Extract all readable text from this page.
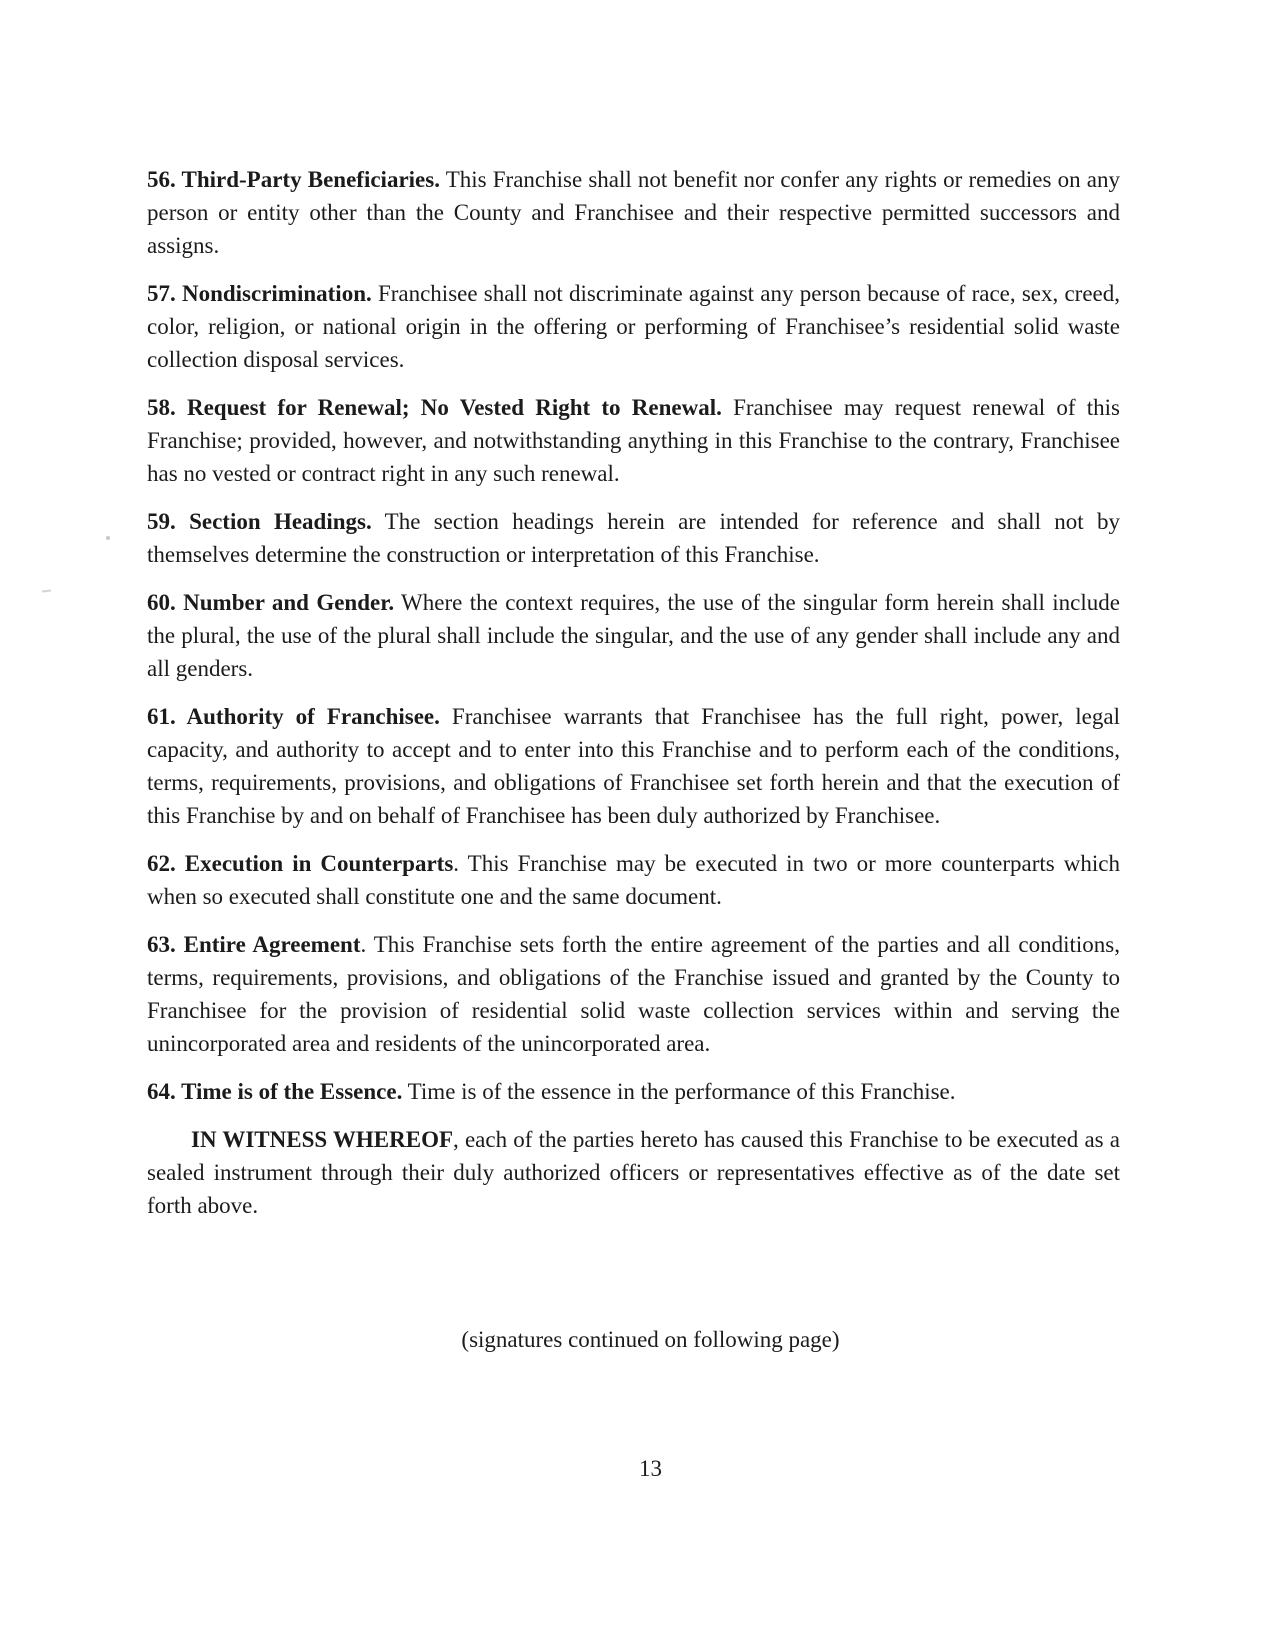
56. Third-Party Beneficiaries. This Franchise shall not benefit nor confer any rights or remedies on any person or entity other than the County and Franchisee and their respective permitted successors and assigns.

57. Nondiscrimination. Franchisee shall not discriminate against any person because of race, sex, creed, color, religion, or national origin in the offering or performing of Franchisee’s residential solid waste collection disposal services.

58. Request for Renewal; No Vested Right to Renewal. Franchisee may request renewal of this Franchise; provided, however, and notwithstanding anything in this Franchise to the contrary, Franchisee has no vested or contract right in any such renewal.

59. Section Headings. The section headings herein are intended for reference and shall not by themselves determine the construction or interpretation of this Franchise.

60. Number and Gender. Where the context requires, the use of the singular form herein shall include the plural, the use of the plural shall include the singular, and the use of any gender shall include any and all genders.

61. Authority of Franchisee. Franchisee warrants that Franchisee has the full right, power, legal capacity, and authority to accept and to enter into this Franchise and to perform each of the conditions, terms, requirements, provisions, and obligations of Franchisee set forth herein and that the execution of this Franchise by and on behalf of Franchisee has been duly authorized by Franchisee.

62. Execution in Counterparts. This Franchise may be executed in two or more counterparts which when so executed shall constitute one and the same document.

63. Entire Agreement. This Franchise sets forth the entire agreement of the parties and all conditions, terms, requirements, provisions, and obligations of the Franchise issued and granted by the County to Franchisee for the provision of residential solid waste collection services within and serving the unincorporated area and residents of the unincorporated area.

64. Time is of the Essence. Time is of the essence in the performance of this Franchise.

IN WITNESS WHEREOF, each of the parties hereto has caused this Franchise to be executed as a sealed instrument through their duly authorized officers or representatives effective as of the date set forth above.

(signatures continued on following page)
13
